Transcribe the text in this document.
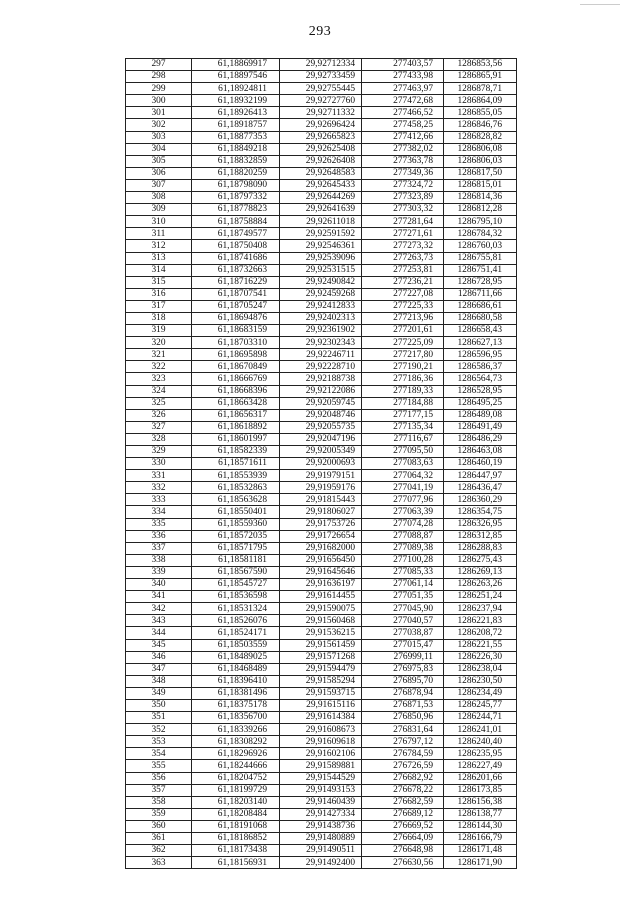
293
297	61,18869917	29,92712334	277403,57	1286853,56
298	61,18897546	29,92733459	277433,98	1286865,91
299	61,18924811	29,92755445	277463,97	1286878,71
300	61,18932199	29,92727760	277472,68	1286864,09
301	61,18926413	29,92711332	277466,52	1286855,05
302	61,18918757	29,92696424	277458,25	1286846,76
303	61,18877353	29,92665823	277412,66	1286828,82
304	61,18849218	29,92625408	277382,02	1286806,08
305	61,18832859	29,92626408	277363,78	1286806,03
306	61,18820259	29,92648583	277349,36	1286817,50
307	61,18798090	29,92645433	277324,72	1286815,01
308	61,18797332	29,92644269	277323,89	1286814,36
309	61,18778823	29,92641639	277303,32	1286812,28
310	61,18758884	29,92611018	277281,64	1286795,10
311	61,18749577	29,92591592	277271,61	1286784,32
312	61,18750408	29,92546361	277273,32	1286760,03
313	61,18741686	29,92539096	277263,73	1286755,81
314	61,18732663	29,92531515	277253,81	1286751,41
315	61,18716229	29,92490842	277236,21	1286728,95
316	61,18707541	29,92459268	277227,08	1286711,66
317	61,18705247	29,92412833	277225,33	1286686,61
318	61,18694876	29,92402313	277213,96	1286680,58
319	61,18683159	29,92361902	277201,61	1286658,43
320	61,18703310	29,92302343	277225,09	1286627,13
321	61,18695898	29,92246711	277217,80	1286596,95
322	61,18670849	29,92228710	277190,21	1286586,37
323	61,18666769	29,92188738	277186,36	1286564,73
324	61,18668396	29,92122086	277189,33	1286528,95
325	61,18663428	29,92059745	277184,88	1286495,25
326	61,18656317	29,92048746	277177,15	1286489,08
327	61,18618892	29,92055735	277135,34	1286491,49
328	61,18601997	29,92047196	277116,67	1286486,29
329	61,18582339	29,92005349	277095,50	1286463,08
330	61,18571611	29,92000693	277083,63	1286460,19
331	61,18553939	29,91979151	277064,32	1286447,97
332	61,18532863	29,91959176	277041,19	1286436,47
333	61,18563628	29,91815443	277077,96	1286360,29
334	61,18550401	29,91806027	277063,39	1286354,75
335	61,18559360	29,91753726	277074,28	1286326,95
336	61,18572035	29,91726654	277088,87	1286312,85
337	61,18571795	29,91682000	277089,38	1286288,83
338	61,18581181	29,91656450	277100,28	1286275,43
339	61,18567590	29,91645646	277085,33	1286269,13
340	61,18545727	29,91636197	277061,14	1286263,26
341	61,18536598	29,91614455	277051,35	1286251,24
342	61,18531324	29,91590075	277045,90	1286237,94
343	61,18526076	29,91560468	277040,57	1286221,83
344	61,18524171	29,91536215	277038,87	1286208,72
345	61,18503559	29,91561459	277015,47	1286221,55
346	61,18489025	29,91571268	276999,11	1286226,30
347	61,18468489	29,91594479	276975,83	1286238,04
348	61,18396410	29,91585294	276895,70	1286230,50
349	61,18381496	29,91593715	276878,94	1286234,49
350	61,18375178	29,91615116	276871,53	1286245,77
351	61,18356700	29,91614384	276850,96	1286244,71
352	61,18339266	29,91608673	276831,64	1286241,01
353	61,18308292	29,91609618	276797,12	1286240,40
354	61,18296926	29,91602106	276784,59	1286235,95
355	61,18244666	29,91589881	276726,59	1286227,49
356	61,18204752	29,91544529	276682,92	1286201,66
357	61,18199729	29,91493153	276678,22	1286173,85
358	61,18203140	29,91460439	276682,59	1286156,38
359	61,18208484	29,91427334	276689,12	1286138,77
360	61,18191068	29,91438736	276669,52	1286144,30
361	61,18186852	29,91480889	276664,09	1286166,79
362	61,18173438	29,91490511	276648,98	1286171,48
363	61,18156931	29,91492400	276630,56	1286171,90
